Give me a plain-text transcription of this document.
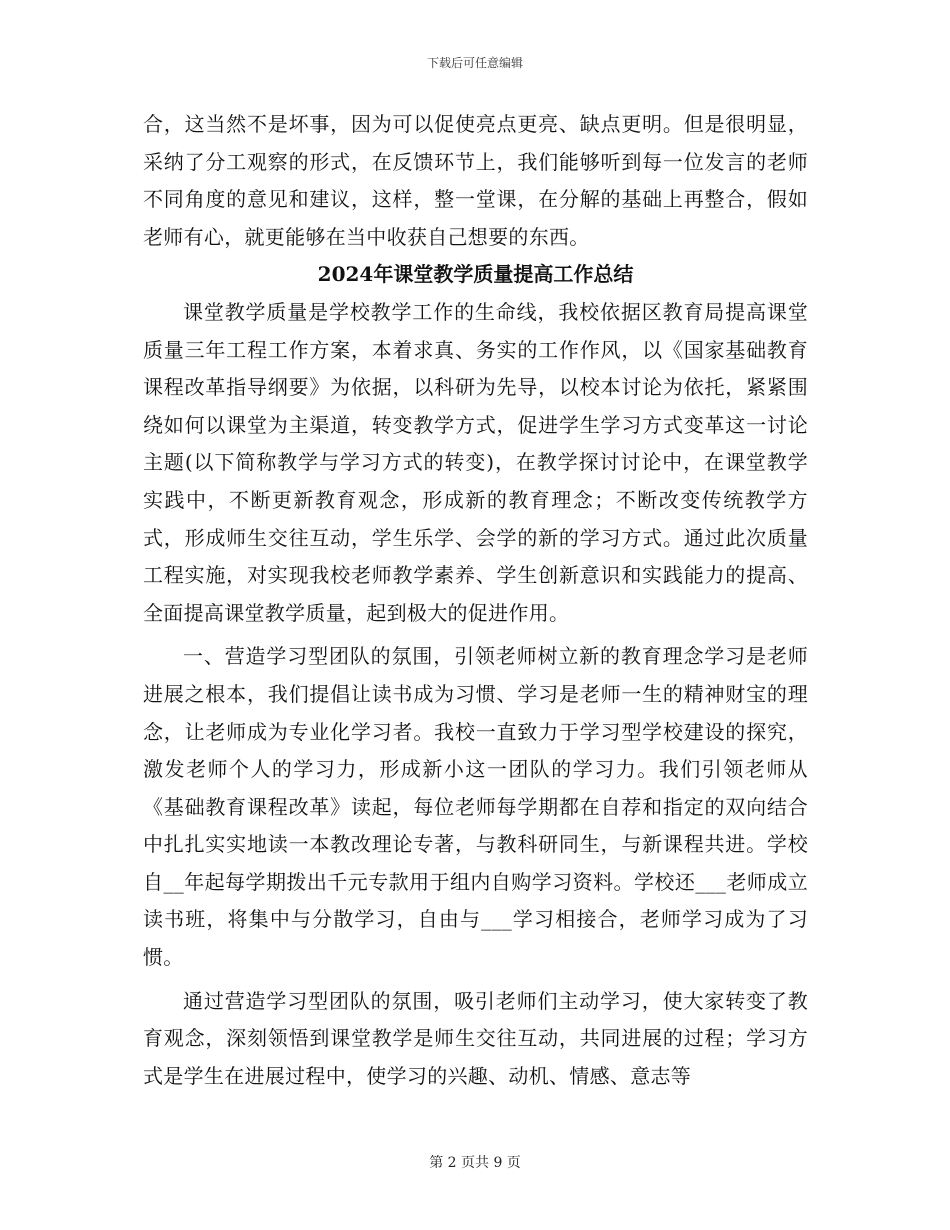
下载后可任意编辑

合，这当然不是坏事，因为可以促使亮点更亮、缺点更明。但是很明显，采纳了分工观察的形式，在反馈环节上，我们能够听到每一位发言的老师不同角度的意见和建议，这样，整一堂课，在分解的基础上再整合，假如老师有心，就更能够在当中收获自己想要的东西。

2024年课堂教学质量提高工作总结

课堂教学质量是学校教学工作的生命线，我校依据区教育局提高课堂质量三年工程工作方案，本着求真、务实的工作作风，以《国家基础教育课程改革指导纲要》为依据，以科研为先导，以校本讨论为依托，紧紧围绕如何以课堂为主渠道，转变教学方式，促进学生学习方式变革这一讨论主题(以下简称教学与学习方式的转变)，在教学探讨讨论中，在课堂教学实践中，不断更新教育观念，形成新的教育理念；不断改变传统教学方式，形成师生交往互动，学生乐学、会学的新的学习方式。通过此次质量工程实施，对实现我校老师教学素养、学生创新意识和实践能力的提高、全面提高课堂教学质量，起到极大的促进作用。

一、营造学习型团队的氛围，引领老师树立新的教育理念学习是老师进展之根本，我们提倡让读书成为习惯、学习是老师一生的精神财宝的理念，让老师成为专业化学习者。我校一直致力于学习型学校建设的探究，激发老师个人的学习力，形成新小这一团队的学习力。我们引领老师从《基础教育课程改革》读起，每位老师每学期都在自荐和指定的双向结合中扎扎实实地读一本教改理论专著，与教科研同生，与新课程共进。学校自__年起每学期拨出千元专款用于组内自购学习资料。学校还___老师成立读书班，将集中与分散学习，自由与___学习相接合，老师学习成为了习惯。

通过营造学习型团队的氛围，吸引老师们主动学习，使大家转变了教育观念，深刻领悟到课堂教学是师生交往互动，共同进展的过程；学习方式是学生在进展过程中，使学习的兴趣、动机、情感、意志等

第 2 页共 9 页
